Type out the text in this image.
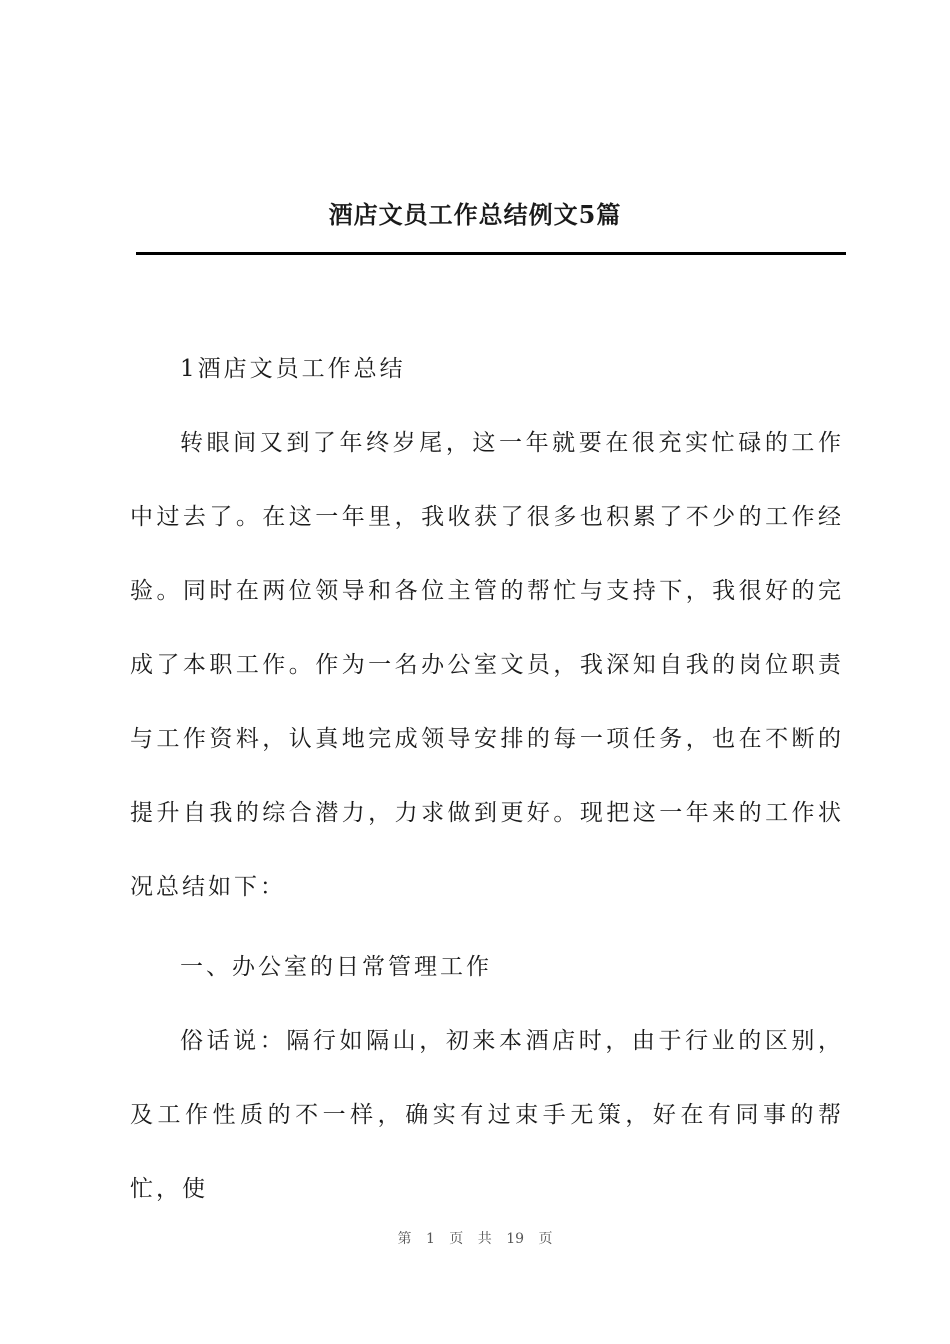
酒店文员工作总结例文5篇
1酒店文员工作总结

转眼间又到了年终岁尾，这一年就要在很充实忙碌的工作中过去了。在这一年里，我收获了很多也积累了不少的工作经验。同时在两位领导和各位主管的帮忙与支持下，我很好的完成了本职工作。作为一名办公室文员，我深知自我的岗位职责与工作资料，认真地完成领导安排的每一项任务，也在不断的提升自我的综合潜力，力求做到更好。现把这一年来的工作状况总结如下：

一、办公室的日常管理工作

俗话说：隔行如隔山，初来本酒店时，由于行业的区别，及工作性质的不一样，确实有过束手无策，好在有同事的帮忙，使

第 1 页 共 19 页
